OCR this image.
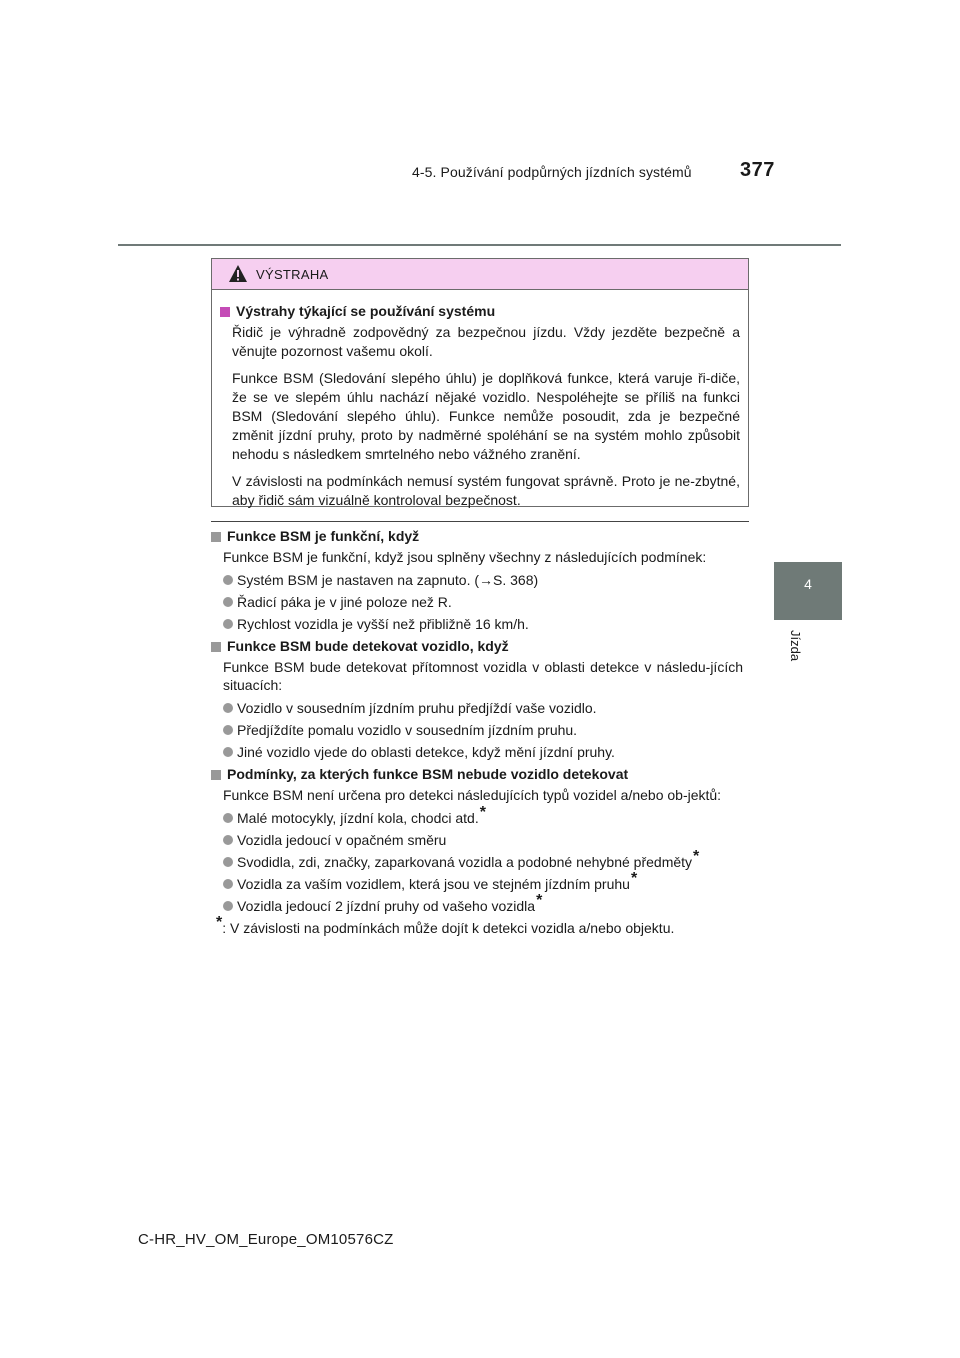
4-5. Používání podpůrných jízdních systémů 377
4
Jízda
VÝSTRAHA
Výstrahy týkající se používání systému

Řidič je výhradně zodpovědný za bezpečnou jízdu. Vždy jezděte bezpečně a věnujte pozornost vašemu okolí.

Funkce BSM (Sledování slepého úhlu) je doplňková funkce, která varuje ři-diče, že se ve slepém úhlu nachází nějaké vozidlo. Nespoléhejte se příliš na funkci BSM (Sledování slepého úhlu). Funkce nemůže posoudit, zda je bezpečné změnit jízdní pruhy, proto by nadměrné spoléhání se na systém mohlo způsobit nehodu s následkem smrtelného nebo vážného zranění.

V závislosti na podmínkách nemusí systém fungovat správně. Proto je ne-zbytné, aby řidič sám vizuálně kontroloval bezpečnost.

Funkce BSM je funkční, když

Funkce BSM je funkční, když jsou splněny všechny z následujících podmínek:

Systém BSM je nastaven na zapnuto. (→S. 368)
Řadicí páka je v jiné poloze než R.
Rychlost vozidla je vyšší než přibližně 16 km/h.
Funkce BSM bude detekovat vozidlo, když

Funkce BSM bude detekovat přítomnost vozidla v oblasti detekce v následu-jících situacích:

Vozidlo v sousedním jízdním pruhu předjíždí vaše vozidlo.
Předjíždíte pomalu vozidlo v sousedním jízdním pruhu.
Jiné vozidlo vjede do oblasti detekce, když mění jízdní pruhy.
Podmínky, za kterých funkce BSM nebude vozidlo detekovat

Funkce BSM není určena pro detekci následujících typů vozidel a/nebo ob-jektů:

Malé motocykly, jízdní kola, chodci atd.*
Vozidla jedoucí v opačném směru
Svodidla, zdi, značky, zaparkovaná vozidla a podobné nehybné předměty*
Vozidla za vaším vozidlem, která jsou ve stejném jízdním pruhu*
Vozidla jedoucí 2 jízdní pruhy od vašeho vozidla*
*: V závislosti na podmínkách může dojít k detekci vozidla a/nebo objektu.
C-HR_HV_OM_Europe_OM10576CZ
